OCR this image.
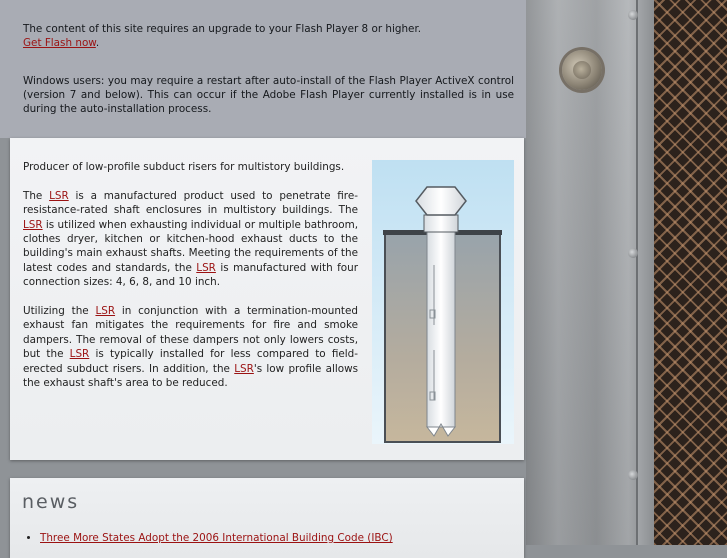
The content of this site requires an upgrade to your Flash Player 8 or higher.
Get Flash now.

Windows users: you may require a restart after auto-install of the Flash Player ActiveX control (version 7 and below). This can occur if the Adobe Flash Player currently installed is in use during the auto-installation process.

Producer of low-profile subduct risers for multistory buildings.

The LSR is a manufactured product used to penetrate fire-resistance-rated shaft enclosures in multistory buildings. The LSR is utilized when exhausting individual or multiple bathroom, clothes dryer, kitchen or kitchen-hood exhaust ducts to the building's main exhaust shafts. Meeting the requirements of the latest codes and standards, the LSR is manufactured with four connection sizes: 4, 6, 8, and 10 inch.

Utilizing the LSR in conjunction with a termination-mounted exhaust fan mitigates the requirements for fire and smoke dampers. The removal of these dampers not only lowers costs, but the LSR is typically installed for less compared to field-erected subduct risers. In addition, the LSR's low profile allows the exhaust shaft's area to be reduced.

news
• Three More States Adopt the 2006 International Building Code (IBC)
